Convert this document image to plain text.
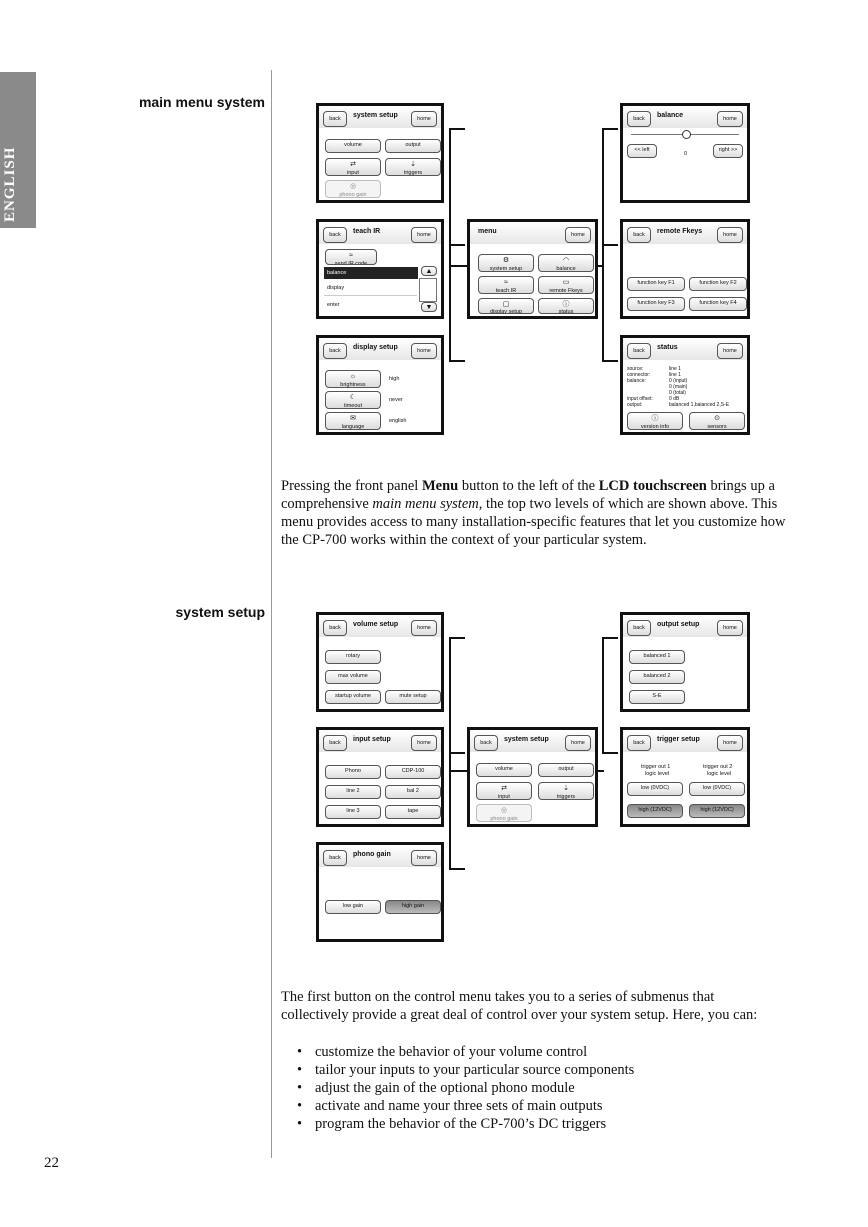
ENGLISH
main menu system
system setup
back	system setup	home
volume	output
⇄
input
⇣
triggers
◎
phono gain
back	balance	home
<< left	right >>
0
back	teach IR	home
≈
send IR code
balance
display
enter
▲
▼
menu	home
⚙
system setup
◠
balance
≈
teach IR
▭
remote Fkeys
▢
display setup
ⓘ
status
back	remote Fkeys	home
function key F1	function key F2
function key F3	function key F4
back	display setup	home
☼
brightness
high
☾
timeout
never
✉
language
english
back	status	home
source:	line 1
connector:	line 1
balance:	0 (input)
0 (main)
0 (total)
input offset:	0 dB
output:	balanced 1,balanced 2,S-E
ⓘ
version info
⊙
sensors
Pressing the front panel Menu button to the left of the LCD touchscreen brings up a comprehensive main menu system, the top two levels of which are shown above. This menu provides access to many installation-specific features that let you customize how the CP-700 works within the context of your particular system.
back	volume setup	home
rotary
max volume
startup volume	mute setup
back	output setup	home
balanced 1
balanced 2
S-E
back	input setup	home
Phono	CDP-100
line 2	bal 2
line 3	tape
back	system setup	home
volume	output
⇄
input
⇣
triggers
◎
phono gain
back	trigger setup	home
trigger out 1
logic level
trigger out 2
logic level
low (0VDC)	low (0VDC)
high (12VDC)	high (12VDC)
back	phono gain	home
low gain	high gain
The first button on the control menu takes you to a series of submenus that collectively provide a great deal of control over your system setup. Here, you can:
• customize the behavior of your volume control
• tailor your inputs to your particular source components
• adjust the gain of the optional phono module
• activate and name your three sets of main outputs
• program the behavior of the CP-700’s DC triggers
22
